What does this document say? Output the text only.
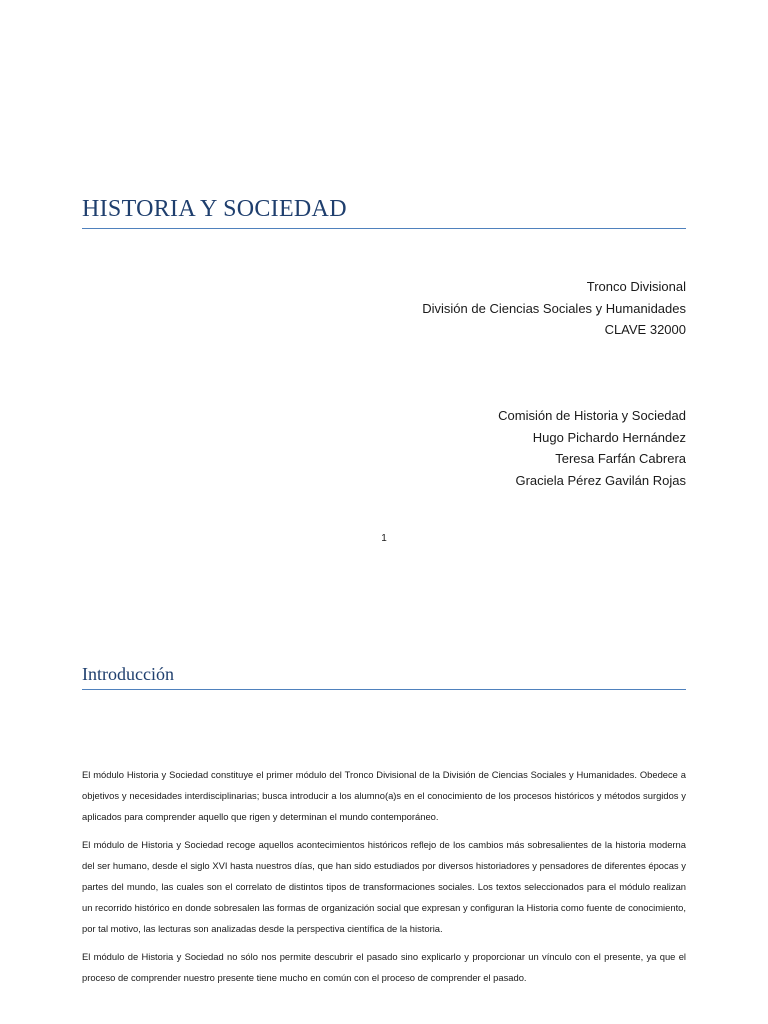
HISTORIA Y SOCIEDAD
Tronco Divisional
División de Ciencias Sociales y Humanidades
CLAVE 32000
Comisión de Historia y Sociedad
Hugo Pichardo Hernández
Teresa Farfán Cabrera
Graciela Pérez Gavilán Rojas
1
Introducción

El módulo Historia y Sociedad constituye el primer módulo del Tronco Divisional de la División de Ciencias Sociales y Humanidades. Obedece a objetivos y necesidades interdisciplinarias; busca introducir a los alumno(a)s en el conocimiento de los procesos históricos y métodos surgidos y aplicados para comprender aquello que rigen y determinan el mundo contemporáneo.

El módulo de Historia y Sociedad recoge aquellos acontecimientos históricos reflejo de los cambios más sobresalientes de la historia moderna del ser humano, desde el siglo XVI hasta nuestros días, que han sido estudiados por diversos historiadores y pensadores de diferentes épocas y partes del mundo, las cuales son el correlato de distintos tipos de transformaciones sociales. Los textos seleccionados para el módulo realizan un recorrido histórico en donde sobresalen las formas de organización social que expresan y configuran la Historia como fuente de conocimiento, por tal motivo, las lecturas son analizadas desde la perspectiva científica de la historia.

El módulo de Historia y Sociedad no sólo nos permite descubrir el pasado sino explicarlo y proporcionar un vínculo con el presente, ya que el proceso de comprender nuestro presente tiene mucho en común con el proceso de comprender el pasado.
